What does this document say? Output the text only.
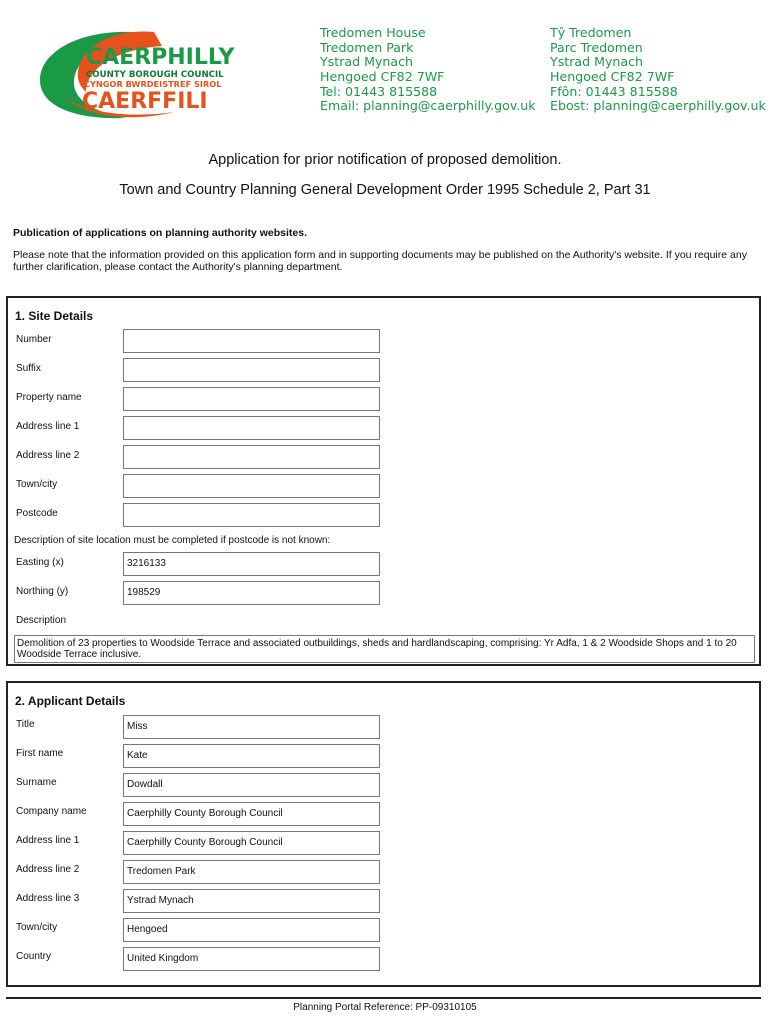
CAERPHILLY
COUNTY BOROUGH COUNCIL
CYNGOR BWRDEISTREF SIROL
CAERFFILI
Tredomen House
Tredomen Park
Ystrad Mynach
Hengoed CF82 7WF
Tel: 01443 815588
Email: planning@caerphilly.gov.uk
Tŷ Tredomen
Parc Tredomen
Ystrad Mynach
Hengoed CF82 7WF
Ffôn: 01443 815588
Ebost: planning@caerphilly.gov.uk
Application for prior notification of proposed demolition.
Town and Country Planning General Development Order 1995 Schedule 2, Part 31
Publication of applications on planning authority websites.
Please note that the information provided on this application form and in supporting documents may be published on the Authority's website. If you require any further clarification, please contact the Authority's planning department.
1. Site Details
Number
Suffix
Property name
Address line 1
Address line 2
Town/city
Postcode
Description of site location must be completed if postcode is not known:
Easting (x)	3216133
Northing (y)	198529
Description
Demolition of 23 properties to Woodside Terrace and associated outbuildings, sheds and hardlandscaping, comprising: Yr Adfa, 1 & 2 Woodside Shops and 1 to 20 Woodside Terrace inclusive.
2. Applicant Details
Title	Miss
First name	Kate
Surname	Dowdall
Company name	Caerphilly County Borough Council
Address line 1	Caerphilly County Borough Council
Address line 2	Tredomen Park
Address line 3	Ystrad Mynach
Town/city	Hengoed
Country	United Kingdom
Planning Portal Reference: PP-09310105
